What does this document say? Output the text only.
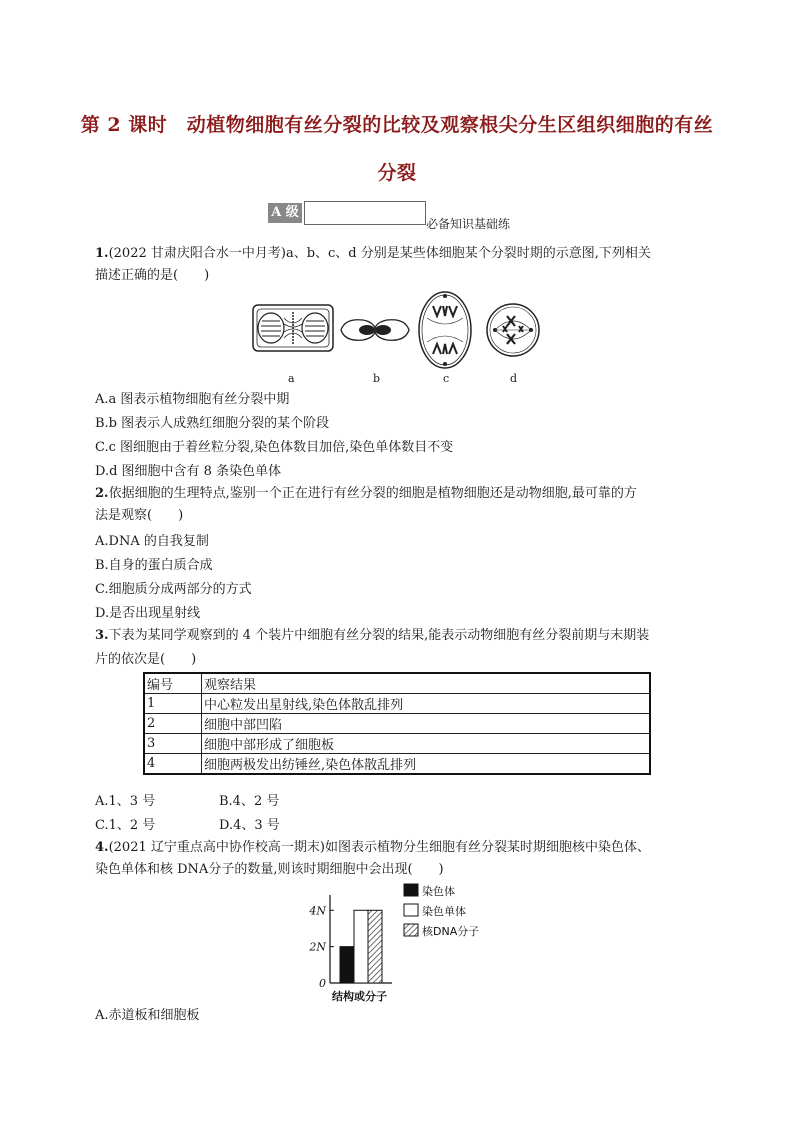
第 2 课时　动植物细胞有丝分裂的比较及观察根尖分生区组织细胞的有丝
分裂
A 级
必备知识基础练
1.(2022 甘肃庆阳合水一中月考)a、b、c、d 分别是某些体细胞某个分裂时期的示意图,下列相关
描述正确的是(　　)
a	b	c	d
A.a 图表示植物细胞有丝分裂中期
B.b 图表示人成熟红细胞分裂的某个阶段
C.c 图细胞由于着丝粒分裂,染色体数目加倍,染色单体数目不变
D.d 图细胞中含有 8 条染色单体
2.依据细胞的生理特点,鉴别一个正在进行有丝分裂的细胞是植物细胞还是动物细胞,最可靠的方
法是观察(　　)
A.DNA 的自我复制
B.自身的蛋白质合成
C.细胞质分成两部分的方式
D.是否出现星射线
3.下表为某同学观察到的 4 个装片中细胞有丝分裂的结果,能表示动物细胞有丝分裂前期与末期装
片的依次是(　　)
编号	观察结果
1	中心粒发出星射线,染色体散乱排列
2	细胞中部凹陷
3	细胞中部形成了细胞板
4	细胞两极发出纺锤丝,染色体散乱排列
A.1、3 号	B.4、2 号
C.1、2 号	D.4、3 号
4.(2021 辽宁重点高中协作校高一期末)如图表示植物分生细胞有丝分裂某时期细胞核中染色体、
染色单体和核 DNA分子的数量,则该时期细胞中会出现(　　)
4N
2N
0
结构或分子
染色体
染色单体
核DNA分子
A.赤道板和细胞板
